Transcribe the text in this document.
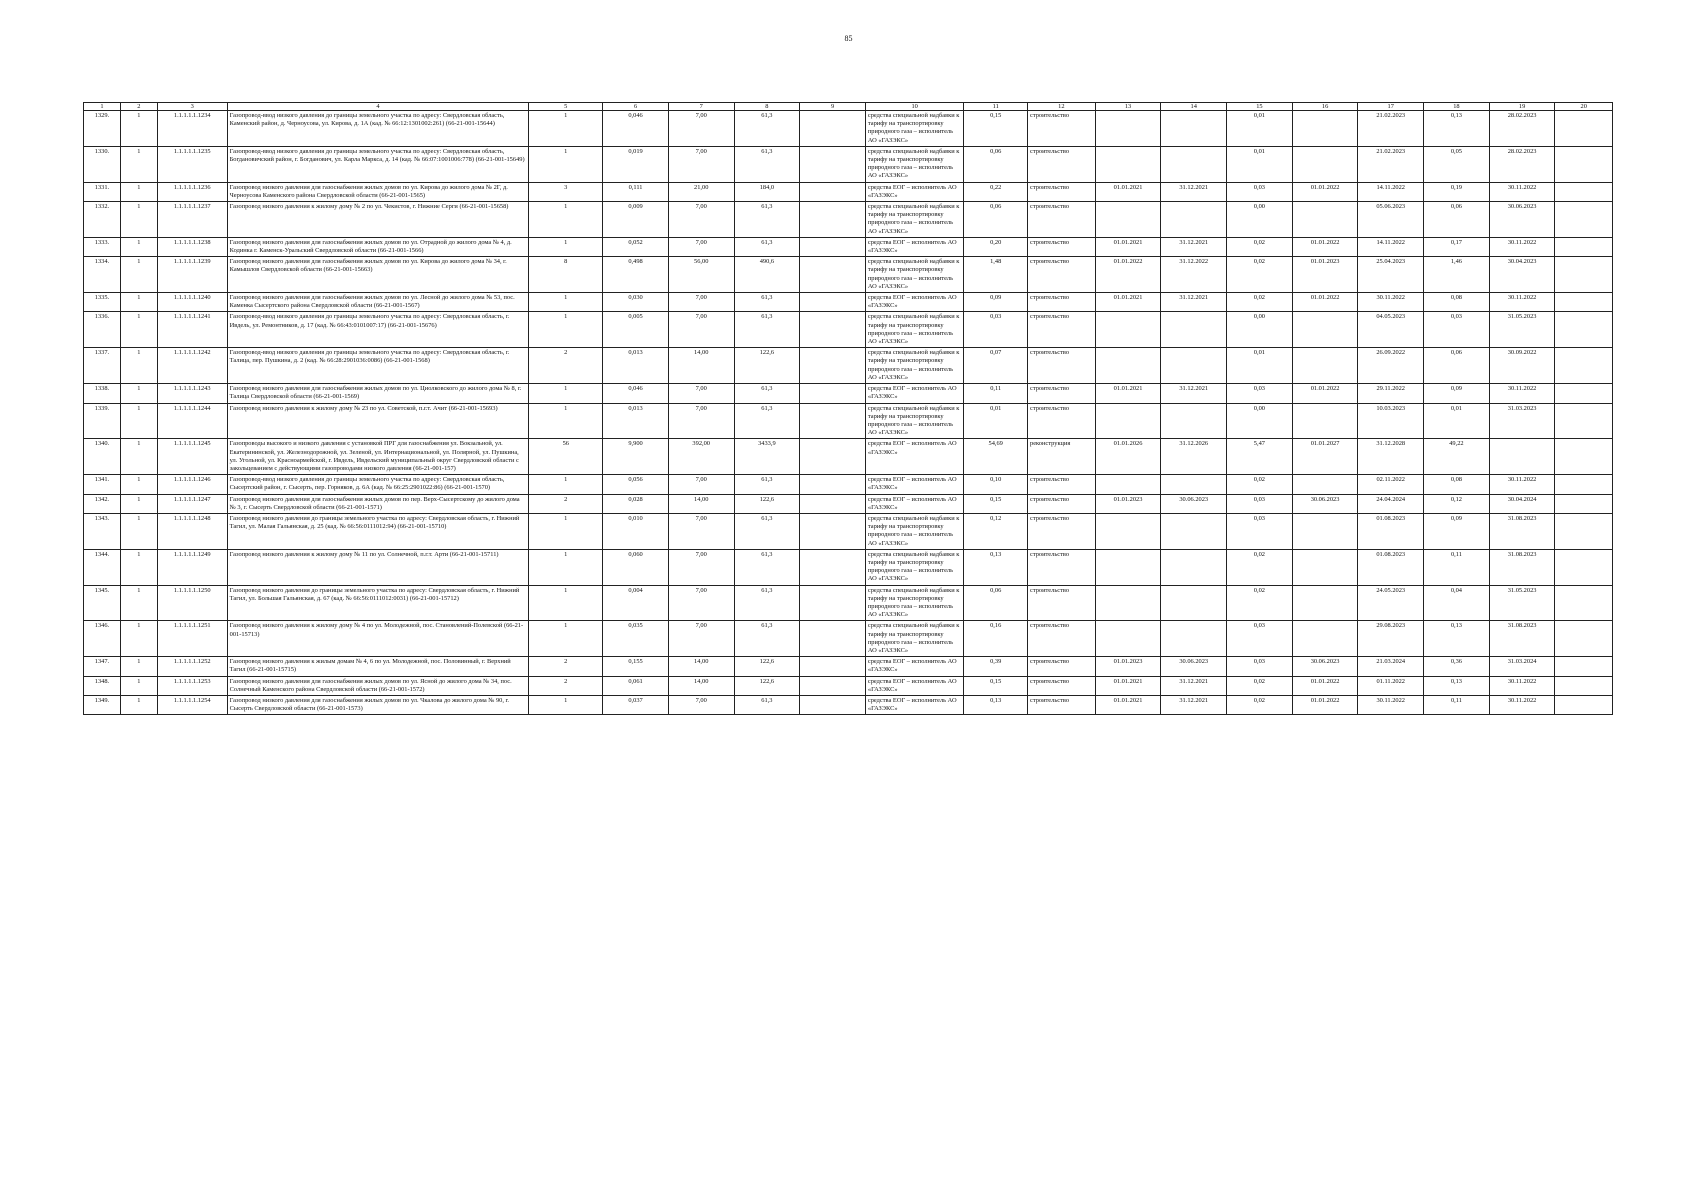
85
1	2	3	4	5	6	7	8	9	10	11	12	13	14	15	16	17	18	19	20
1329.	1	1.1.1.1.1.1234	Газопровод-ввод низкого давления до границы земельного участка по адресу: Свердловская область, Каменский район, д. Черноусова, ул. Кирова, д. 1А (кад. № 66:12:1301002:261) (66-21-001-15644)	1	0,046	7,00	61,3		средства специальной надбавки к тарифу на транспортировку природного газа – исполнитель АО «ГАЗЭКС»	0,15	строительство			0,01		21.02.2023	0,13	28.02.2023	
1330.	1	1.1.1.1.1.1235	Газопровод-ввод низкого давления до границы земельного участка по адресу: Свердловская область, Богдановичский район, г. Богданович, ул. Карла Маркса, д. 14 (кад. № 66:07:1001006:778) (66-21-001-15649)	1	0,019	7,00	61,3		средства специальной надбавки к тарифу на транспортировку природного газа – исполнитель АО «ГАЗЭКС»	0,06	строительство			0,01		21.02.2023	0,05	28.02.2023	
1331.	1	1.1.1.1.1.1236	Газопровод низкого давления для газоснабжения жилых домов по ул. Кирова до жилого дома № 2Г, д. Черноусова Каменского района Свердловской области (66-21-001-1565)	3	0,111	21,00	184,0		средства ЕОГ – исполнитель АО «ГАЗЭКС»	0,22	строительство	01.01.2021	31.12.2021	0,03	01.01.2022	14.11.2022	0,19	30.11.2022	
1332.	1	1.1.1.1.1.1237	Газопровод низкого давления к жилому дому № 2 по ул. Чекистов, г. Нижние Серги (66-21-001-15658)	1	0,009	7,00	61,3		средства специальной надбавки к тарифу на транспортировку природного газа – исполнитель АО «ГАЗЭКС»	0,06	строительство			0,00		05.06.2023	0,06	30.06.2023	
1333.	1	1.1.1.1.1.1238	Газопровод низкого давления для газоснабжения жилых домов по ул. Отрадной до жилого дома № 4, д. Кодинка г. Каменск-Уральский Свердловской области (66-21-001-1566)	1	0,052	7,00	61,3		средства ЕОГ – исполнитель АО «ГАЗЭКС»	0,20	строительство	01.01.2021	31.12.2021	0,02	01.01.2022	14.11.2022	0,17	30.11.2022	
1334.	1	1.1.1.1.1.1239	Газопровод низкого давления для газоснабжения жилых домов по ул. Кирова до жилого дома № 34, г. Камышлов Свердловской области (66-21-001-15663)	8	0,498	56,00	490,6		средства специальной надбавки к тарифу на транспортировку природного газа – исполнитель АО «ГАЗЭКС»	1,48	строительство	01.01.2022	31.12.2022	0,02	01.01.2023	25.04.2023	1,46	30.04.2023	
1335.	1	1.1.1.1.1.1240	Газопровод низкого давления для газоснабжения жилых домов по ул. Лесной до жилого дома № 53, пос. Каменка Сысертского района Свердловской области (66-21-001-1567)	1	0,030	7,00	61,3		средства ЕОГ – исполнитель АО «ГАЗЭКС»	0,09	строительство	01.01.2021	31.12.2021	0,02	01.01.2022	30.11.2022	0,08	30.11.2022	
1336.	1	1.1.1.1.1.1241	Газопровод-ввод низкого давления до границы земельного участка по адресу: Свердловская область, г. Ивдель, ул. Ремонтников, д. 17 (кад. № 66:43:0101007:17) (66-21-001-15676)	1	0,005	7,00	61,3		средства специальной надбавки к тарифу на транспортировку природного газа – исполнитель АО «ГАЗЭКС»	0,03	строительство			0,00		04.05.2023	0,03	31.05.2023	
1337.	1	1.1.1.1.1.1242	Газопровод-ввод низкого давления до границы земельного участка по адресу: Свердловская область, г. Талица, пер. Пушкина, д. 2 (кад. № 66:28:2901036:0086) (66-21-001-1568)	2	0,013	14,00	122,6		средства специальной надбавки к тарифу на транспортировку природного газа – исполнитель АО «ГАЗЭКС»	0,07	строительство			0,01		26.09.2022	0,06	30.09.2022	
1338.	1	1.1.1.1.1.1243	Газопровод низкого давления для газоснабжения жилых домов по ул. Циолковского до жилого дома № 8, г. Талица Свердловской области (66-21-001-1569)	1	0,046	7,00	61,3		средства ЕОГ – исполнитель АО «ГАЗЭКС»	0,11	строительство	01.01.2021	31.12.2021	0,03	01.01.2022	29.11.2022	0,09	30.11.2022	
1339.	1	1.1.1.1.1.1244	Газопровод низкого давления к жилому дому № 23 по ул. Советской, п.г.т. Ачит (66-21-001-15693)	1	0,013	7,00	61,3		средства специальной надбавки к тарифу на транспортировку природного газа – исполнитель АО «ГАЗЭКС»	0,01	строительство			0,00		10.03.2023	0,01	31.03.2023	
1340.	1	1.1.1.1.1.1245	Газопроводы высокого и низкого давления с установкой ПРГ для газоснабжения ул. Вокзальной, ул. Екатерининской, ул. Железнодорожной, ул. Зеленой, ул. Интернациональной, ул. Полярной, ул. Пушкина, ул. Угольной, ул. Красноармейской, г. Ивдель, Ивдельский муниципальный округ Свердловской области с закольцеванием с действующими газопроводами низкого давления (66-21-001-157)	56	9,900	392,00	3433,9		средства ЕОГ – исполнитель АО «ГАЗЭКС»	54,69	реконструкция	01.01.2026	31.12.2026	5,47	01.01.2027	31.12.2028	49,22		
1341.	1	1.1.1.1.1.1246	Газопровод-ввод низкого давления до границы земельного участка по адресу: Свердловская область, Сысертский район, г. Сысерть, пер. Горняков, д. 6А (кад. № 66:25:2901022:86) (66-21-001-1570)	1	0,056	7,00	61,3		средства ЕОГ – исполнитель АО «ГАЗЭКС»	0,10	строительство			0,02		02.11.2022	0,08	30.11.2022	
1342.	1	1.1.1.1.1.1247	Газопровод низкого давления для газоснабжения жилых домов по пер. Верх-Сысертскому до жилого дома № 3, г. Сысерть Свердловской области (66-21-001-1571)	2	0,028	14,00	122,6		средства ЕОГ – исполнитель АО «ГАЗЭКС»	0,15	строительство	01.01.2023	30.06.2023	0,03	30.06.2023	24.04.2024	0,12	30.04.2024	
1343.	1	1.1.1.1.1.1248	Газопровод низкого давления до границы земельного участка по адресу: Свердловская область, г. Нижний Тагил, ул. Малая Гальянская, д. 25 (кад. № 66:56:0111012:94) (66-21-001-15710)	1	0,010	7,00	61,3		средства специальной надбавки к тарифу на транспортировку природного газа – исполнитель АО «ГАЗЭКС»	0,12	строительство			0,03		01.08.2023	0,09	31.08.2023	
1344.	1	1.1.1.1.1.1249	Газопровод низкого давления к жилому дому № 11 по ул. Солнечной, п.г.т. Арти (66-21-001-15711)	1	0,060	7,00	61,3		средства специальной надбавки к тарифу на транспортировку природного газа – исполнитель АО «ГАЗЭКС»	0,13	строительство			0,02		01.08.2023	0,11	31.08.2023	
1345.	1	1.1.1.1.1.1250	Газопровод низкого давления до границы земельного участка по адресу: Свердловская область, г. Нижний Тагил, ул. Большая Гальянская, д. 67 (кад. № 66:56:0111012:0031) (66-21-001-15712)	1	0,004	7,00	61,3		средства специальной надбавки к тарифу на транспортировку природного газа – исполнитель АО «ГАЗЭКС»	0,06	строительство			0,02		24.05.2023	0,04	31.05.2023	
1346.	1	1.1.1.1.1.1251	Газопровод низкого давления к жилому дому № 4 по ул. Молодежной, пос. Становлений-Полевской (66-21-001-15713)	1	0,035	7,00	61,3		средства специальной надбавки к тарифу на транспортировку природного газа – исполнитель АО «ГАЗЭКС»	0,16	строительство			0,03		29.08.2023	0,13	31.08.2023	
1347.	1	1.1.1.1.1.1252	Газопровод низкого давления к жилым домам № 4, 6 по ул. Молодежной, пос. Половинный, г. Верхний Тагил (66-21-001-15715)	2	0,155	14,00	122,6		средства ЕОГ – исполнитель АО «ГАЗЭКС»	0,39	строительство	01.01.2023	30.06.2023	0,03	30.06.2023	21.03.2024	0,36	31.03.2024	
1348.	1	1.1.1.1.1.1253	Газопровод низкого давления для газоснабжения жилых домов по ул. Ясной до жилого дома № 34, пос. Солнечный Каменского района Свердловской области (66-21-001-1572)	2	0,061	14,00	122,6		средства ЕОГ – исполнитель АО «ГАЗЭКС»	0,15	строительство	01.01.2021	31.12.2021	0,02	01.01.2022	01.11.2022	0,13	30.11.2022	
1349.	1	1.1.1.1.1.1254	Газопровод низкого давления для газоснабжения жилых домов по ул. Чкалова до жилого дома № 90, г. Сысерть Свердловской области (66-21-001-1573)	1	0,037	7,00	61,3		средства ЕОГ – исполнитель АО «ГАЗЭКС»	0,13	строительство	01.01.2021	31.12.2021	0,02	01.01.2022	30.11.2022	0,11	30.11.2022	
